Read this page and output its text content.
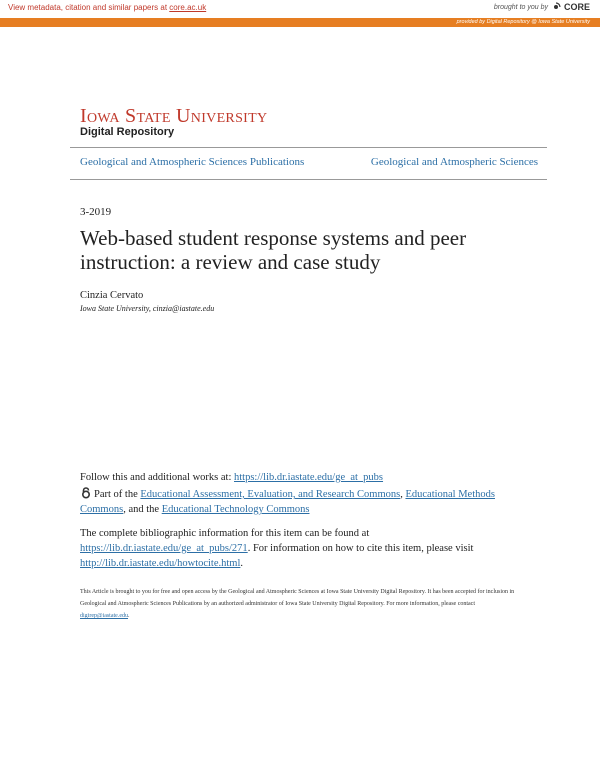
View metadata, citation and similar papers at core.ac.uk	brought to you by CORE
provided by Digital Repository @ Iowa State University
Iowa State University
Digital Repository
Geological and Atmospheric Sciences Publications	Geological and Atmospheric Sciences
3-2019
Web-based student response systems and peer instruction: a review and case study
Cinzia Cervato
Iowa State University, cinzia@iastate.edu
Follow this and additional works at: https://lib.dr.iastate.edu/ge_at_pubs
Part of the Educational Assessment, Evaluation, and Research Commons, Educational Methods Commons, and the Educational Technology Commons
The complete bibliographic information for this item can be found at https://lib.dr.iastate.edu/ge_at_pubs/271. For information on how to cite this item, please visit http://lib.dr.iastate.edu/howtocite.html.
This Article is brought to you for free and open access by the Geological and Atmospheric Sciences at Iowa State University Digital Repository. It has been accepted for inclusion in Geological and Atmospheric Sciences Publications by an authorized administrator of Iowa State University Digital Repository. For more information, please contact digirep@iastate.edu.
